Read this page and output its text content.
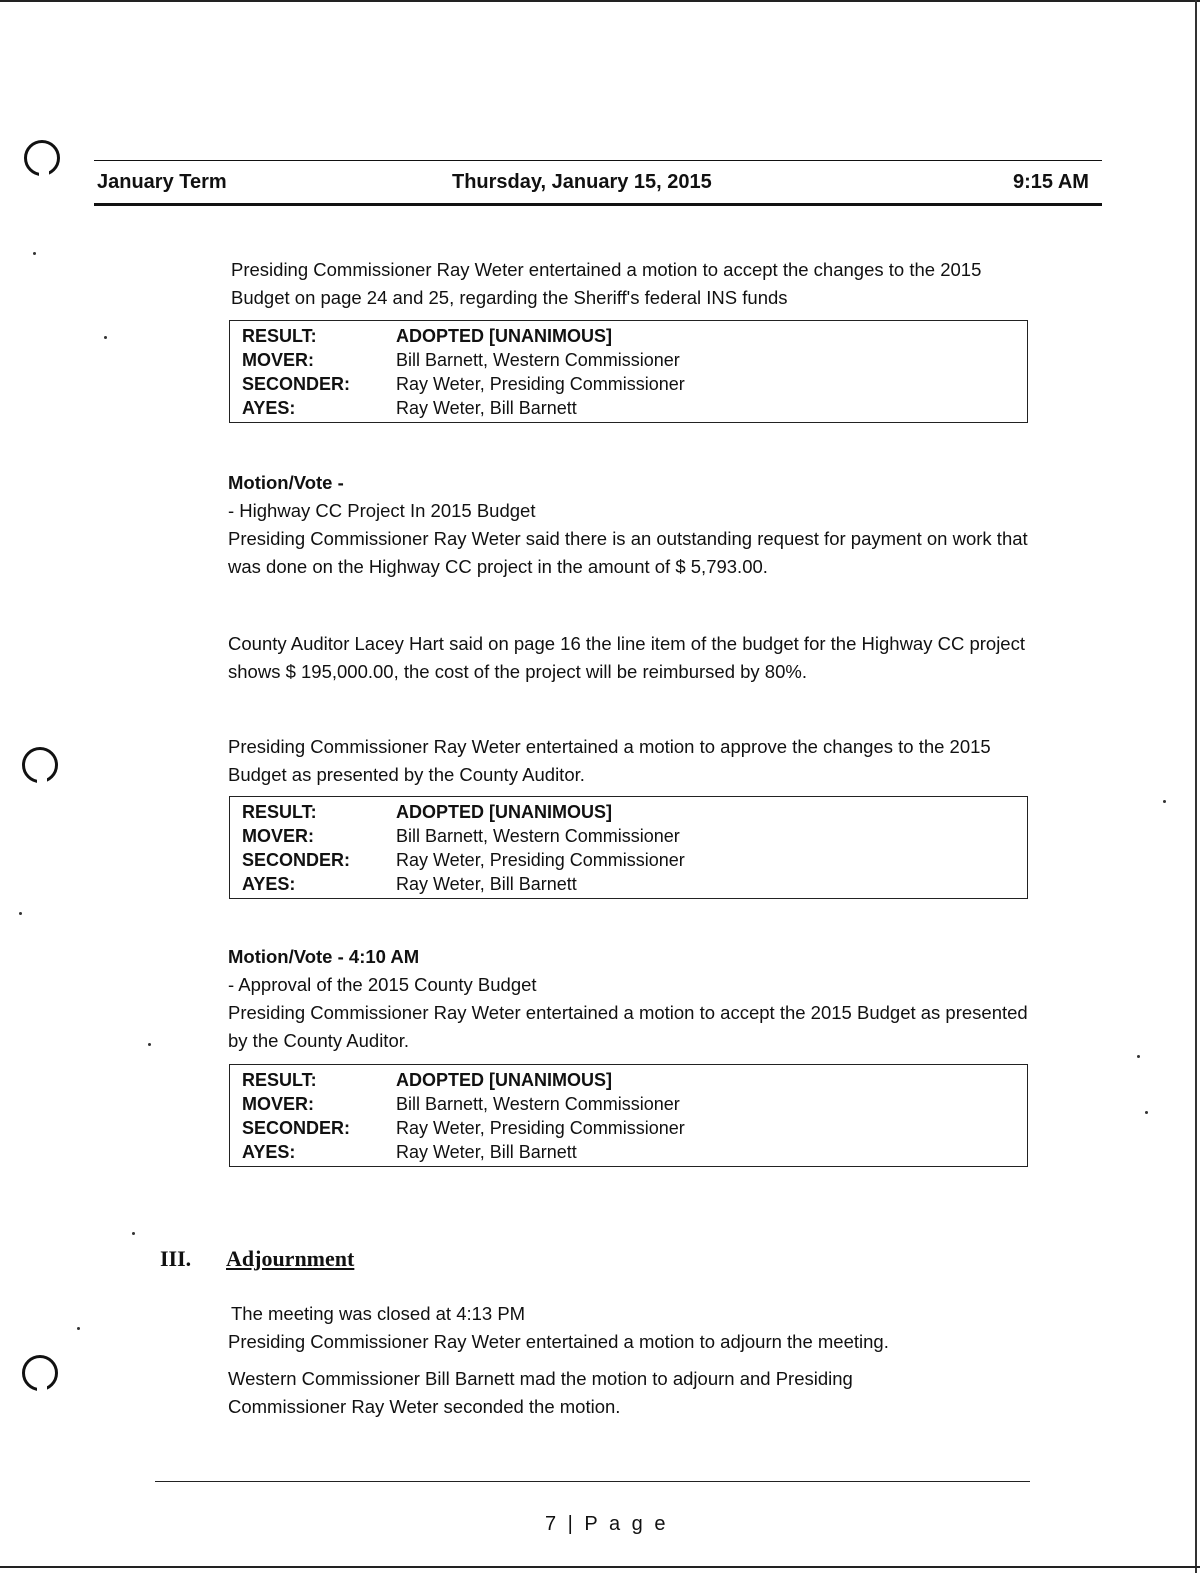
January Term	Thursday, January 15, 2015	9:15 AM
Presiding Commissioner Ray Weter entertained a motion to accept the changes to the 2015 Budget on page 24 and 25, regarding the Sheriff's federal INS funds
RESULT:	ADOPTED [UNANIMOUS]
MOVER:	Bill Barnett, Western Commissioner
SECONDER:	Ray Weter, Presiding Commissioner
AYES:	Ray Weter, Bill Barnett
Motion/Vote -
- Highway CC Project In 2015 Budget
Presiding Commissioner Ray Weter said there is an outstanding request for payment on work that was done on the Highway CC project in the amount of $ 5,793.00.
County Auditor Lacey Hart said on page 16 the line item of the budget for the Highway CC project shows $ 195,000.00, the cost of the project will be reimbursed by 80%.
Presiding Commissioner Ray Weter entertained a motion to approve the changes to the 2015 Budget as presented by the County Auditor.
RESULT:	ADOPTED [UNANIMOUS]
MOVER:	Bill Barnett, Western Commissioner
SECONDER:	Ray Weter, Presiding Commissioner
AYES:	Ray Weter, Bill Barnett
Motion/Vote - 4:10 AM
- Approval of the 2015 County Budget
Presiding Commissioner Ray Weter entertained a motion to accept the 2015 Budget as presented by the County Auditor.
RESULT:	ADOPTED [UNANIMOUS]
MOVER:	Bill Barnett, Western Commissioner
SECONDER:	Ray Weter, Presiding Commissioner
AYES:	Ray Weter, Bill Barnett
III. Adjournment
The meeting was closed at 4:13 PM
Presiding Commissioner Ray Weter entertained a motion to adjourn the meeting.
Western Commissioner Bill Barnett mad the motion to adjourn and Presiding Commissioner Ray Weter seconded the motion.
7 | P a g e
